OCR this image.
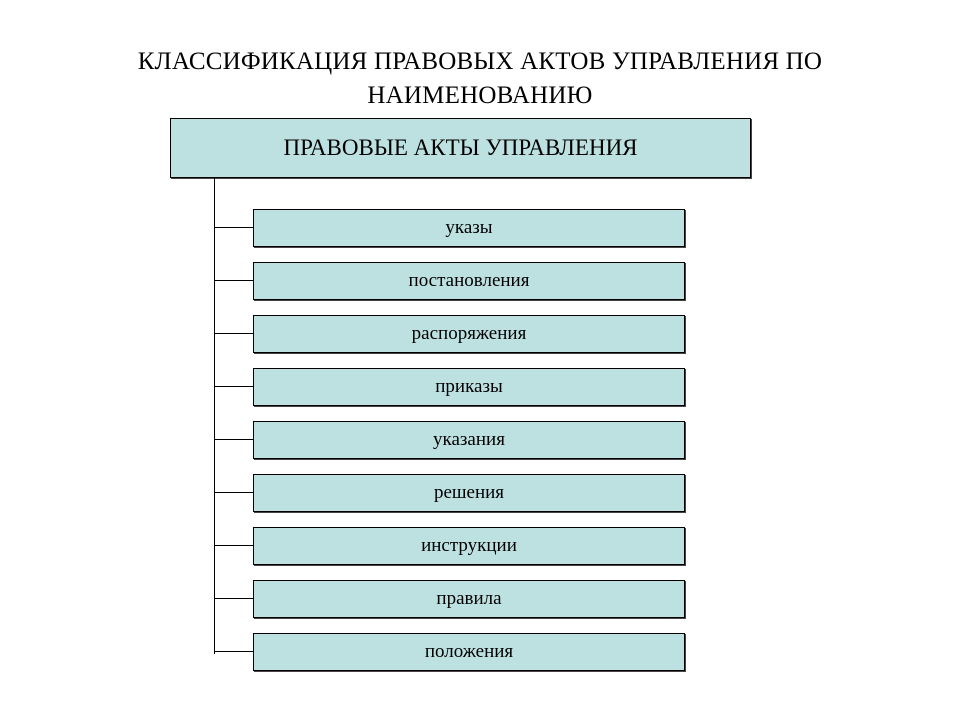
КЛАССИФИКАЦИЯ ПРАВОВЫХ АКТОВ УПРАВЛЕНИЯ ПО
НАИМЕНОВАНИЮ
ПРАВОВЫЕ АКТЫ УПРАВЛЕНИЯ
указы
постановления
распоряжения
приказы
указания
решения
инструкции
правила
положения
